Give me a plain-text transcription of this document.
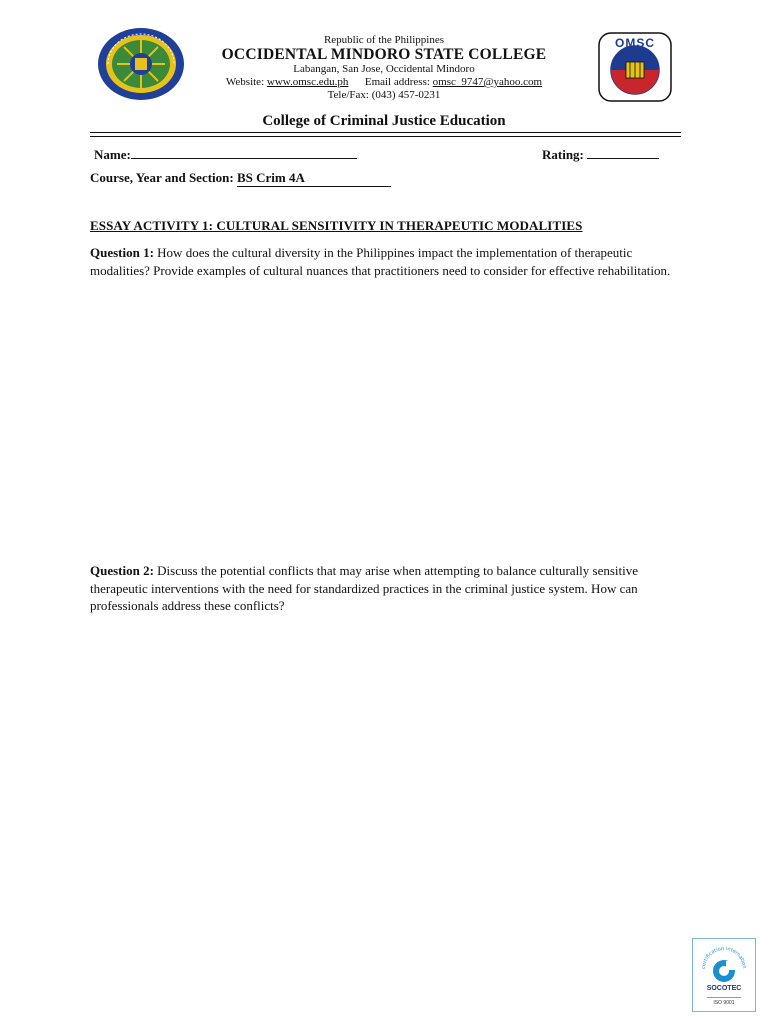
OMSC
Republic of the Philippines
OCCIDENTAL MINDORO STATE COLLEGE
Labangan, San Jose, Occidental Mindoro
Website: www.omsc.edu.ph Email address: omsc_9747@yahoo.com
Tele/Fax: (043) 457-0231
College of Criminal Justice Education
Name:	Rating:
Course, Year and Section: BS Crim 4A
ESSAY ACTIVITY 1: CULTURAL SENSITIVITY IN THERAPEUTIC MODALITIES
Question 1: How does the cultural diversity in the Philippines impact the implementation of therapeutic modalities? Provide examples of cultural nuances that practitioners need to consider for effective rehabilitation.
Question 2: Discuss the potential conflicts that may arise when attempting to balance culturally sensitive therapeutic interventions with the need for standardized practices in the criminal justice system. How can professionals address these conflicts?
certification internation
SOCOTEC
ISO 9001
